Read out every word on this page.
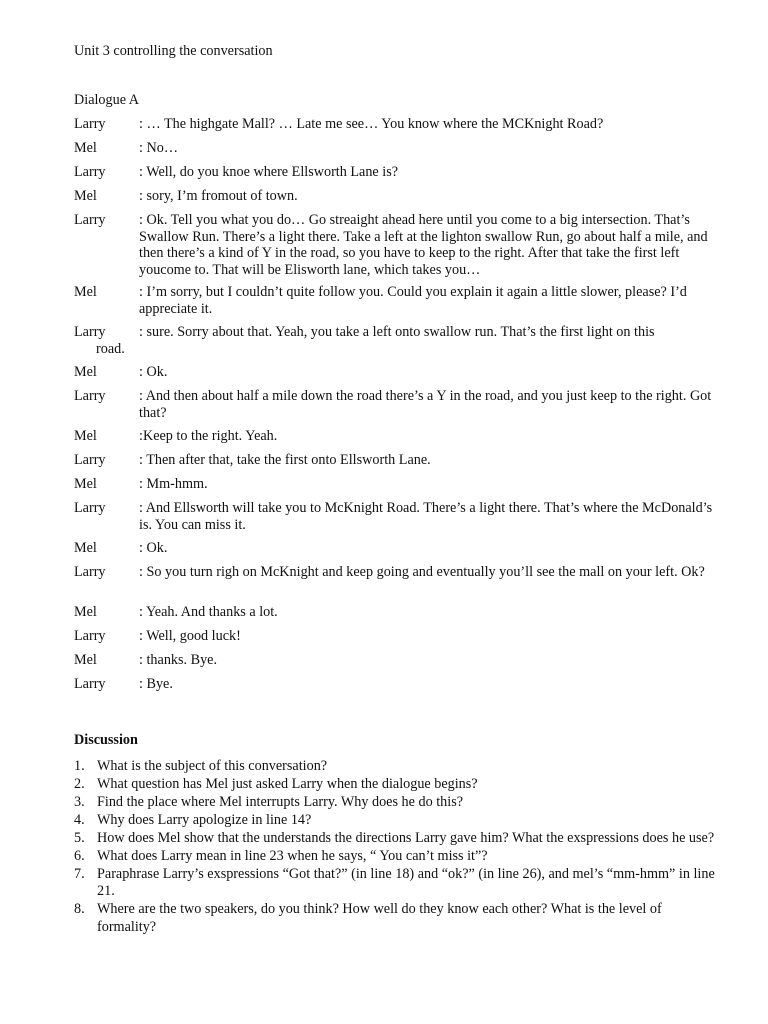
Unit 3 controlling the conversation
Dialogue A
Larry : … The highgate Mall? … Late me see… You know where the MCKnight Road?
Mel	: No…
Larry : Well, do you knoe where Ellsworth Lane is?
Mel	: sory, I’m fromout of town.
Larry : Ok. Tell you what you do… Go streaight ahead here until you come to a big intersection. That’s Swallow Run. There’s a light there. Take a left at the lighton swallow Run, go about half a mile, and then there’s a kind of Y in the road, so you have to keep to the right. After that take the first left youcome to. That will be Elisworth lane, which takes you…
Mel	: I’m sorry, but I couldn’t quite follow you. Could you explain it again a little slower, please? I’d appreciate it.
Larry : sure. Sorry about that. Yeah, you take a left onto swallow run. That’s the first light on this
road.
Mel	: Ok.
Larry : And then about half a mile down the road there’s a Y in the road, and you just keep to the right. Got that?
Mel	:Keep to the right. Yeah.
Larry : Then after that, take the first onto Ellsworth Lane.
Mel	: Mm-hmm.
Larry : And Ellsworth will take you to McKnight Road. There’s a light there. That’s where the McDonald’s is. You can miss it.
Mel	: Ok.
Larry : So you turn righ on McKnight and keep going and eventually you’ll see the mall on your left. Ok?
Mel	: Yeah. And thanks a lot.
Larry : Well, good luck!
Mel	: thanks. Bye.
Larry : Bye.
Discussion
1. What is the subject of this conversation?
2. What question has Mel just asked Larry when the dialogue begins?
3. Find the place where Mel interrupts Larry. Why does he do this?
4. Why does Larry apologize in line 14?
5. How does Mel show that the understands the directions Larry gave him? What the exspressions does he use?
6. What does Larry mean in line 23 when he says, “ You can’t miss it”?
7. Paraphrase Larry’s exspressions “Got that?” (in line 18) and “ok?” (in line 26), and mel’s “mm-hmm” in line 21.
8. Where are the two speakers, do you think? How well do they know each other? What is the level of formality?
